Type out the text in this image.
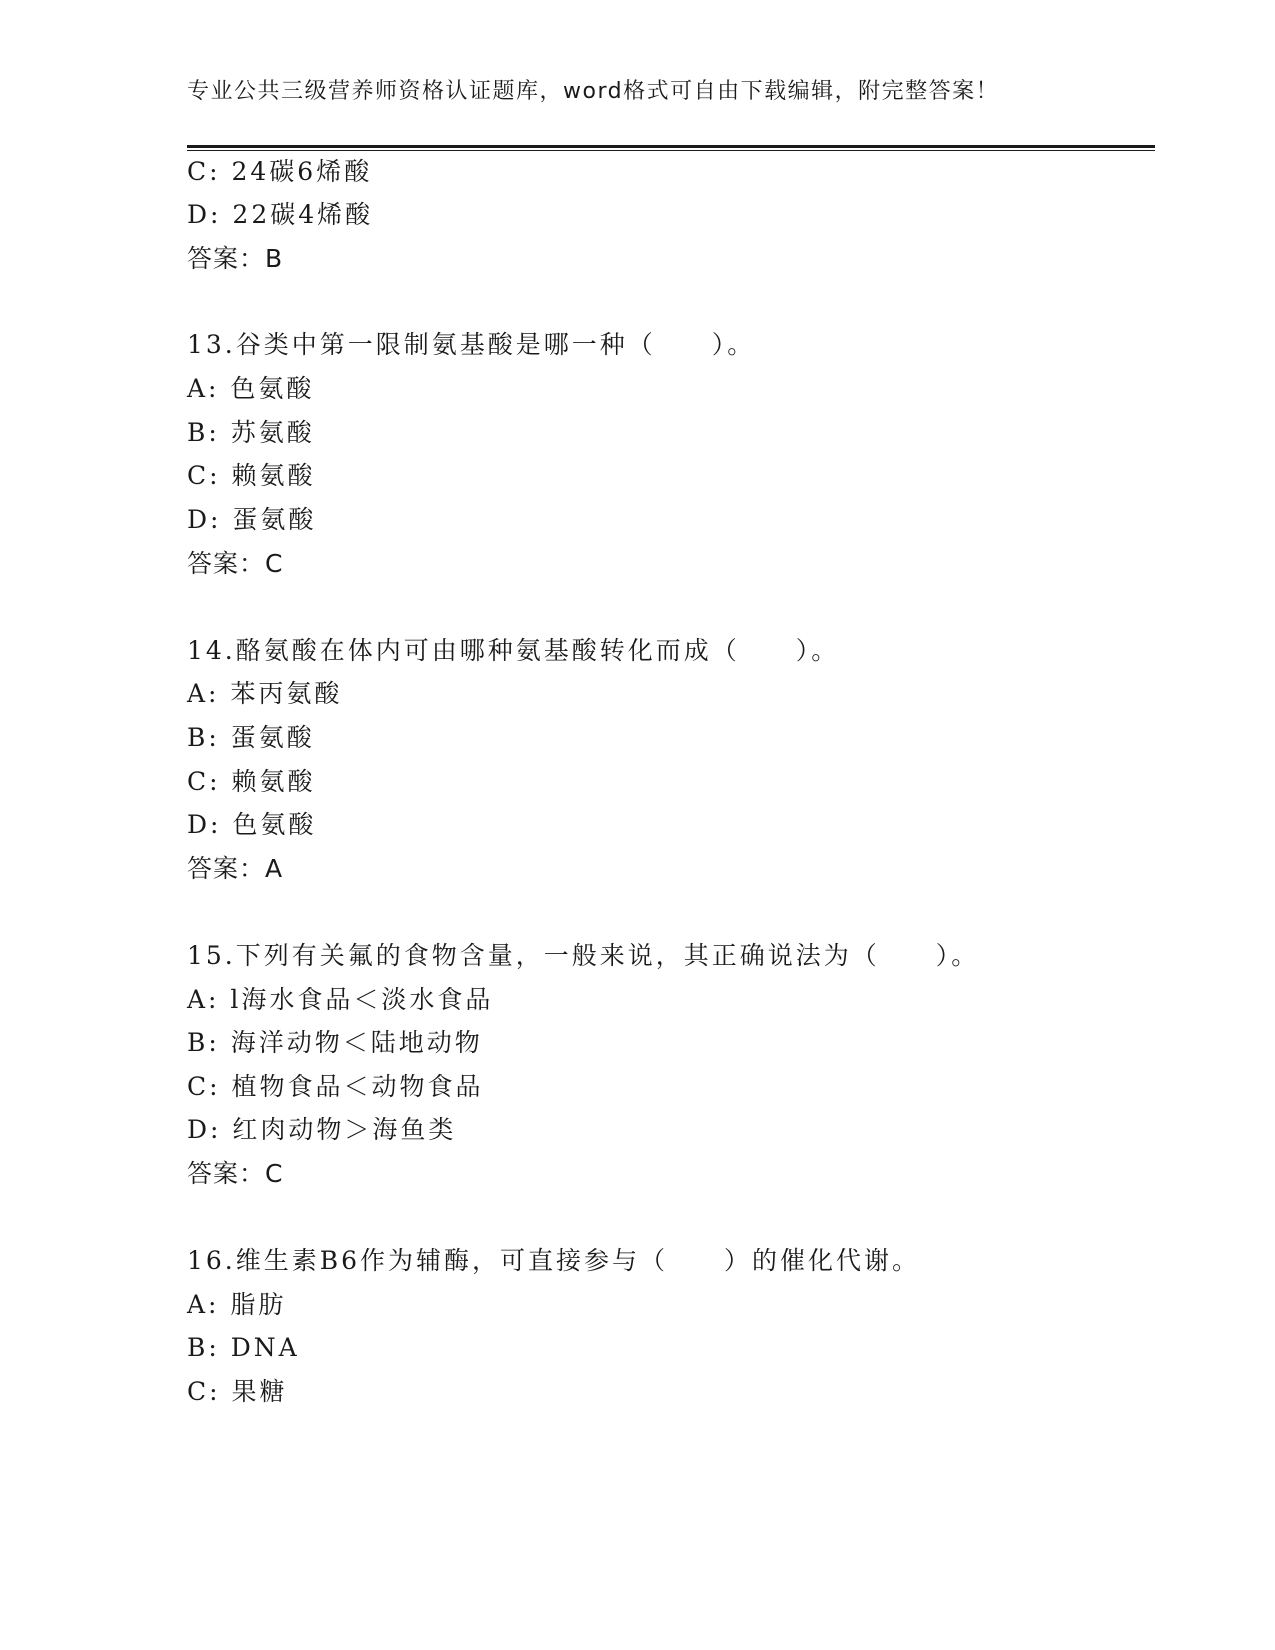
专业公共三级营养师资格认证题库，word格式可自由下载编辑，附完整答案！
C: 24碳6烯酸
D: 22碳4烯酸
答案：B
13.谷类中第一限制氨基酸是哪一种（　　）。
A: 色氨酸
B: 苏氨酸
C: 赖氨酸
D: 蛋氨酸
答案：C
14.酪氨酸在体内可由哪种氨基酸转化而成（　　）。
A: 苯丙氨酸
B: 蛋氨酸
C: 赖氨酸
D: 色氨酸
答案：A
15.下列有关氟的食物含量，一般来说，其正确说法为（　　）。
A: l海水食品＜淡水食品
B: 海洋动物＜陆地动物
C: 植物食品＜动物食品
D: 红肉动物＞海鱼类
答案：C
16.维生素B6作为辅酶，可直接参与（　　）的催化代谢。
A: 脂肪
B: DNA
C: 果糖
